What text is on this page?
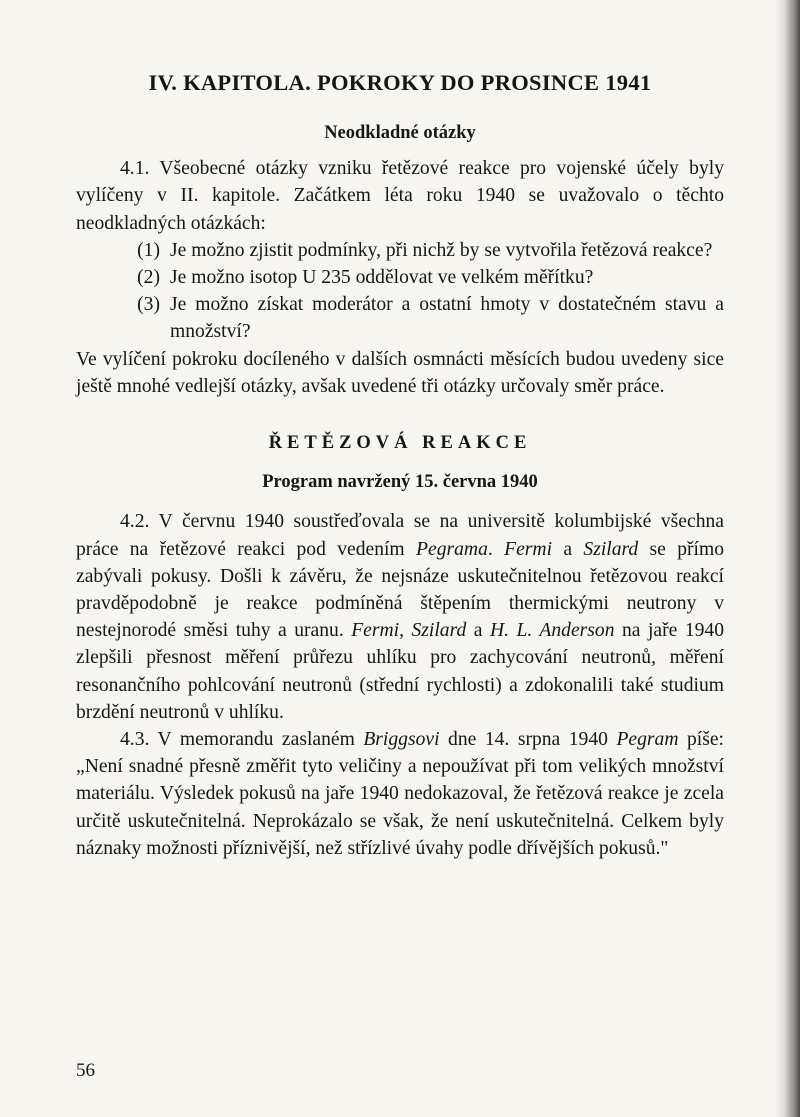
IV. KAPITOLA. POKROKY DO PROSINCE 1941
Neodkladné otázky

4.1. Všeobecné otázky vzniku řetězové reakce pro vojenské účely byly vylíčeny v II. kapitole. Začátkem léta roku 1940 se uvažovalo o těchto neodkladných otázkách:

(1) Je možno zjistit podmínky, při nichž by se vytvořila řetězová reakce?
(2) Je možno isotop U 235 oddělovat ve velkém měřítku?
(3) Je možno získat moderátor a ostatní hmoty v dostatečném stavu a množství?

Ve vylíčení pokroku docíleného v dalších osmnácti měsících budou uvedeny sice ještě mnohé vedlejší otázky, avšak uvedené tři otázky určovaly směr práce.

ŘETĚZOVÁ REAKCE
Program navržený 15. června 1940

4.2. V červnu 1940 soustřeďovala se na universitě kolumbijské všechna práce na řetězové reakci pod vedením Pegrama. Fermi a Szilard se přímo zabývali pokusy. Došli k závěru, že nejsnáze uskutečnitelnou řetězovou reakcí pravděpodobně je reakce podmíněná štěpením thermickými neutrony v nestejnorodé směsi tuhy a uranu. Fermi, Szilard a H. L. Anderson na jaře 1940 zlepšili přesnost měření průřezu uhlíku pro zachycování neutronů, měření resonančního pohlcování neutronů (střední rychlosti) a zdokonalili také studium brzdění neutronů v uhlíku.

4.3. V memorandu zaslaném Briggsovi dne 14. srpna 1940 Pegram píše: „Není snadné přesně změřit tyto veličiny a nepoužívat při tom velikých množství materiálu. Výsledek pokusů na jaře 1940 nedokazoval, že řetězová reakce je zcela určitě uskutečnitelná. Neprokázalo se však, že není uskutečnitelná. Celkem byly náznaky možnosti příznivější, než střízlivé úvahy podle dřívějších pokusů."

56
